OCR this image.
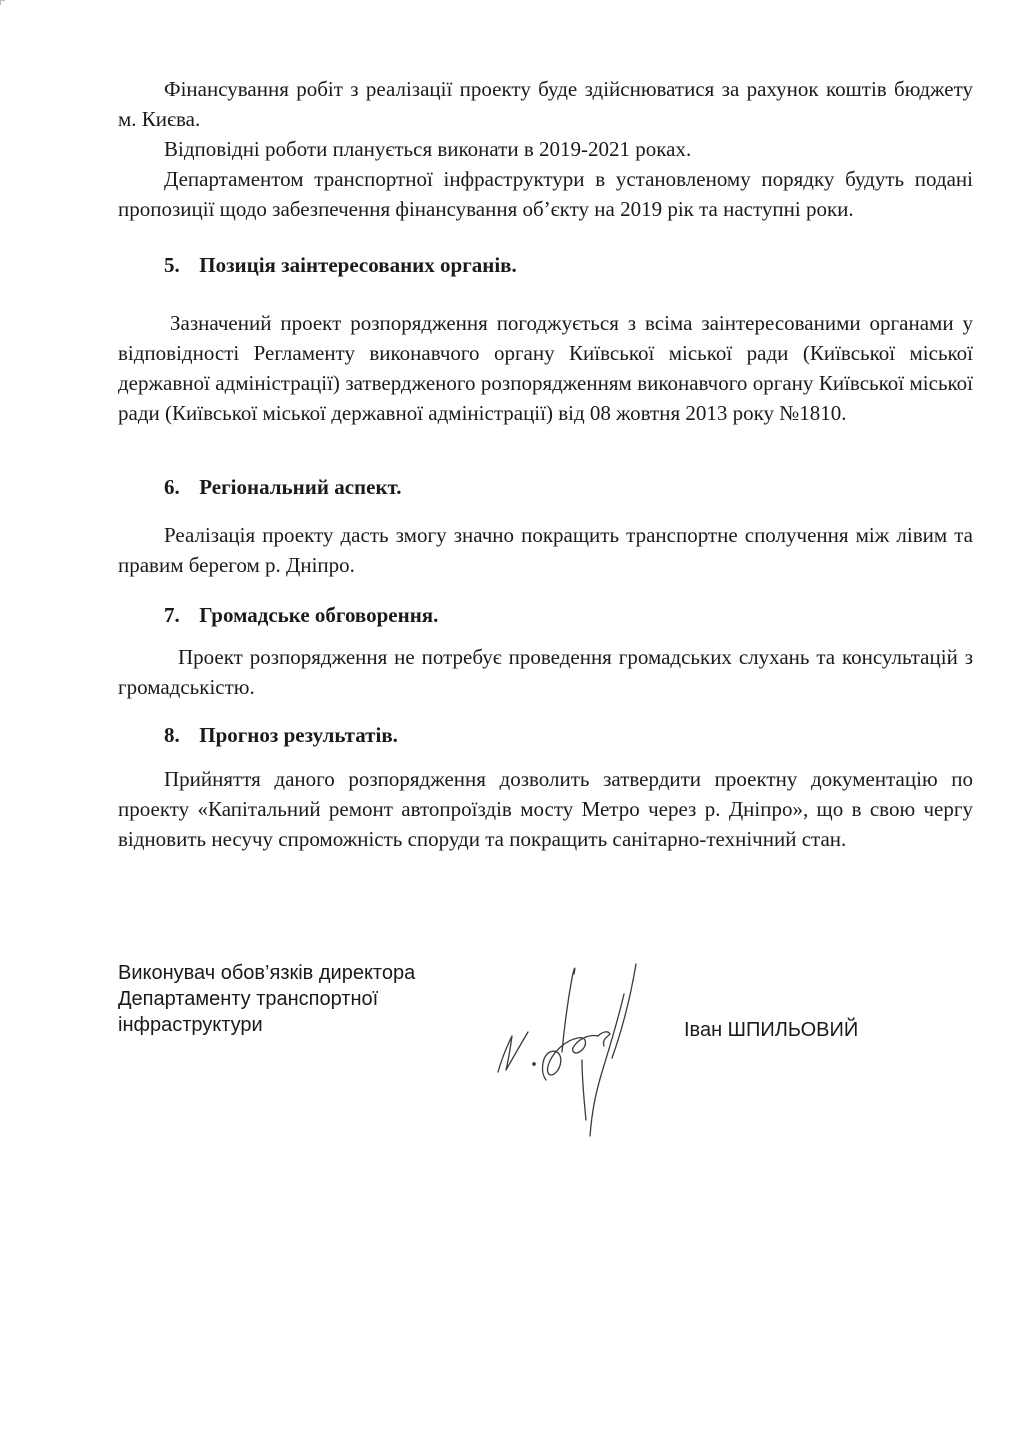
Фінансування робіт з реалізації проекту буде здійснюватися за рахунок коштів бюджету м. Києва.

Відповідні роботи планується виконати в 2019-2021 роках.

Департаментом транспортної інфраструктури в установленому порядку будуть подані пропозиції щодо забезпечення фінансування об’єкту на 2019 рік та наступні роки.

5. Позиція заінтересованих органів.

Зазначений проект розпорядження погоджується з всіма заінтересованими органами у відповідності Регламенту виконавчого органу Київської міської ради (Київської міської державної адміністрації) затвердженого розпорядженням виконавчого органу Київської міської ради (Київської міської державної адміністрації) від 08 жовтня 2013 року №1810.

6. Регіональний аспект.

Реалізація проекту дасть змогу значно покращить транспортне сполучення між лівим та правим берегом р. Дніпро.

7. Громадське обговорення.

Проект розпорядження не потребує проведення громадських слухань та консультацій з громадськістю.

8. Прогноз результатів.

Прийняття даного розпорядження дозволить затвердити проектну документацію по проекту «Капітальний ремонт автопроїздів мосту Метро через р. Дніпро», що в свою чергу відновить несучу спроможність споруди та покращить санітарно-технічний стан.

Виконувач обов’язків директора
Департаменту транспортної
інфраструктури	Іван ШПИЛЬОВИЙ
